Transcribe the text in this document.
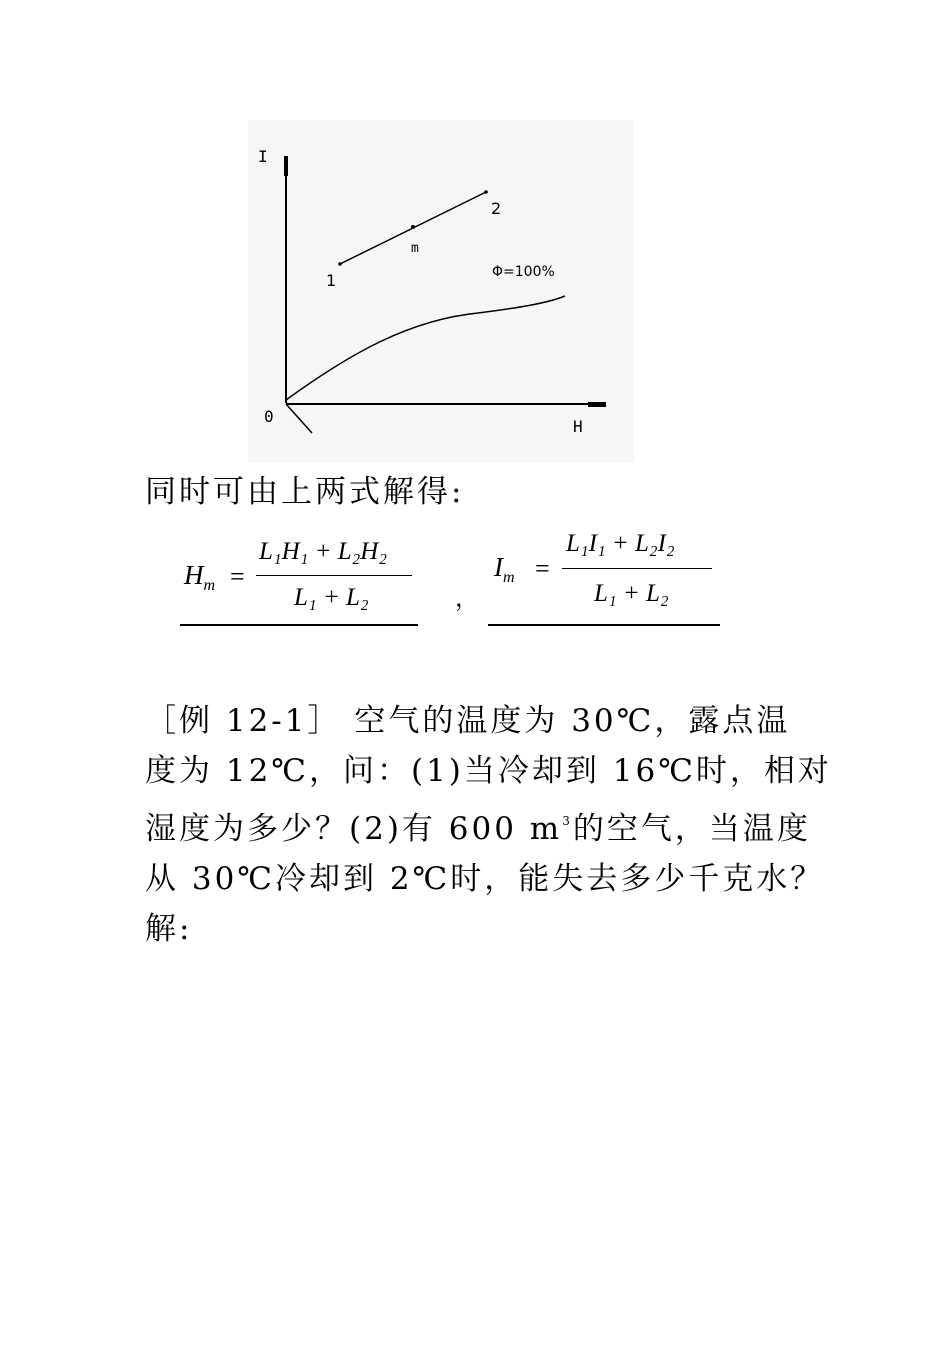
I
H
0
1
2
m
Φ=100%
同时可由上两式解得:
$H_m$ =
L₁H₁ + L₂H₂
L₁ + L₂	，
$I_m$ =
L₁I₁ + L₂I₂
L₁ + L₂

［例 12-1］ 空气的温度为 30℃，露点温

度为 12℃，问：(1)当冷却到 16℃时，相对

湿度为多少？(2)有 600 $m^3$的空气，当温度

从 30℃冷却到 2℃时，能失去多少千克水？

解:
